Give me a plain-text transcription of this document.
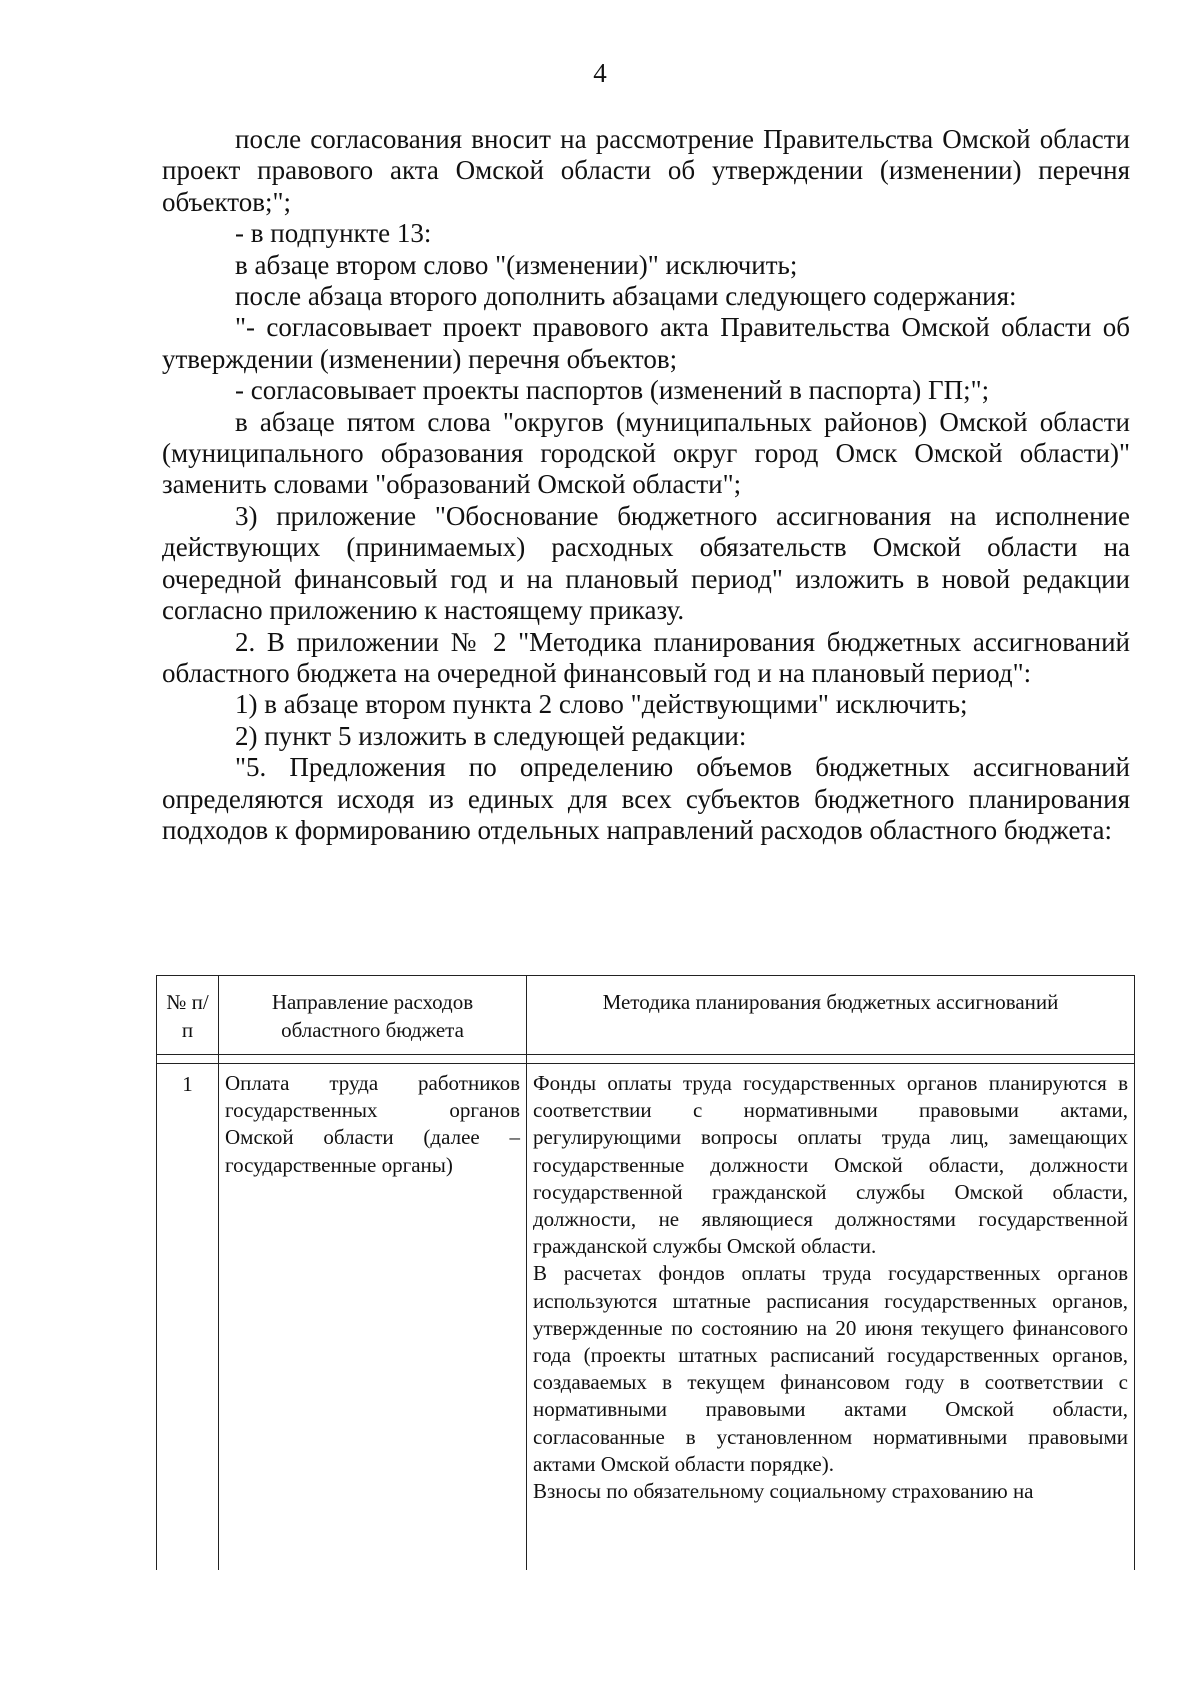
4

после согласования вносит на рассмотрение Правительства Омской области проект правового акта Омской области об утверждении (изменении) перечня объектов;";

- в подпункте 13:

в абзаце втором слово "(изменении)" исключить;

после абзаца второго дополнить абзацами следующего содержания:

"- согласовывает проект правового акта Правительства Омской области об утверждении (изменении) перечня объектов;

- согласовывает проекты паспортов (изменений в паспорта) ГП;";

в абзаце пятом слова "округов (муниципальных районов) Омской области (муниципального образования городской округ город Омск Омской области)" заменить словами "образований Омской области";

3) приложение "Обоснование бюджетного ассигнования на исполнение действующих (принимаемых) расходных обязательств Омской области на очередной финансовый год и на плановый период" изложить в новой редакции согласно приложению к настоящему приказу.

2. В приложении № 2 "Методика планирования бюджетных ассигнований областного бюджета на очередной финансовый год и на плановый период":

1) в абзаце втором пункта 2 слово "действующими" исключить;

2) пункт 5 изложить в следующей редакции:

"5. Предложения по определению объемов бюджетных ассигнований определяются исходя из единых для всех субъектов бюджетного планирования подходов к формированию отдельных направлений расходов областного бюджета:

№ п/п	Направление расходов областного бюджета	Методика планирования бюджетных ассигнований

1	Оплата труда работников государственных органов Омской области (далее – государственные органы)	Фонды оплаты труда государственных органов планируются в соответствии с нормативными правовыми актами, регулирующими вопросы оплаты труда лиц, замещающих государственные должности Омской области, должности государственной гражданской службы Омской области, должности, не являющиеся должностями государственной гражданской службы Омской области.

В расчетах фондов оплаты труда государственных органов используются штатные расписания государственных органов, утвержденные по состоянию на 20 июня текущего финансового года (проекты штатных расписаний государственных органов, создаваемых в текущем финансовом году в соответствии с нормативными правовыми актами Омской области, согласованные в установленном нормативными правовыми актами Омской области порядке).

Взносы по обязательному социальному страхованию на
